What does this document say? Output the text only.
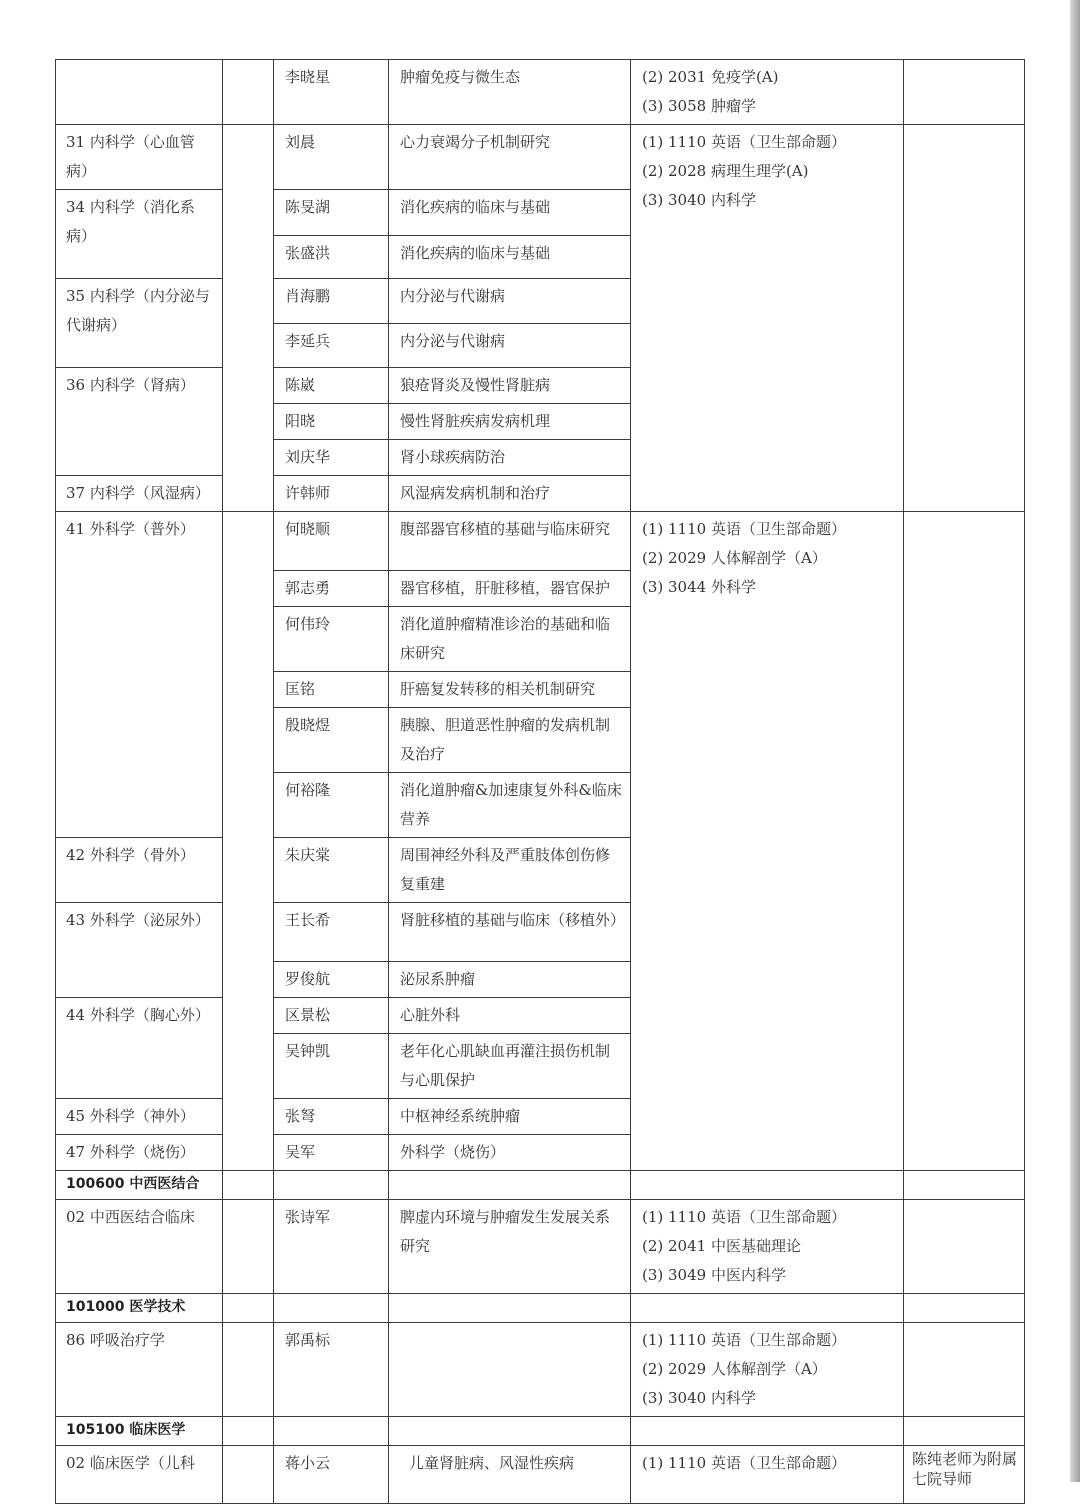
		李晓星	肿瘤免疫与微生态	(2) 2031 免疫学(A)
(3) 3058 肿瘤学	

31 内科学（心血管病）		刘晨	心力衰竭分子机制研究	(1) 1110 英语（卫生部命题）
(2) 2028 病理生理学(A)
(3) 3040 内科学	

34 内科学（消化系病）		陈旻湖	消化疾病的临床与基础		

		张盛洪	消化疾病的临床与基础		

35 内科学（内分泌与代谢病）		肖海鹏	内分泌与代谢病		

		李延兵	内分泌与代谢病		

36 内科学（肾病）		陈崴	狼疮肾炎及慢性肾脏病		

		阳晓	慢性肾脏疾病发病机理		

		刘庆华	肾小球疾病防治		

37 内科学（风湿病）		许韩师	风湿病发病机制和治疗		

41 外科学（普外）		何晓顺	腹部器官移植的基础与临床研究	(1) 1110 英语（卫生部命题）
(2) 2029 人体解剖学（A）
(3) 3044 外科学	

		郭志勇	器官移植，肝脏移植，器官保护		

		何伟玲	消化道肿瘤精准诊治的基础和临床研究		

		匡铭	肝癌复发转移的相关机制研究		

		殷晓煜	胰腺、胆道恶性肿瘤的发病机制及治疗		

		何裕隆	消化道肿瘤&加速康复外科&临床营养		

42 外科学（骨外）		朱庆棠	周围神经外科及严重肢体创伤修复重建		

43 外科学（泌尿外）		王长希	肾脏移植的基础与临床（移植外）		

		罗俊航	泌尿系肿瘤		

44 外科学（胸心外）		区景松	心脏外科		

		吴钟凯	老年化心肌缺血再灌注损伤机制与心肌保护		

45 外科学（神外）		张弩	中枢神经系统肿瘤		

47 外科学（烧伤）		吴军	外科学（烧伤）		

100600 中西医结合					

02 中西医结合临床		张诗军	脾虚内环境与肿瘤发生发展关系研究	(1) 1110 英语（卫生部命题）
(2) 2041 中医基础理论
(3) 3049 中医内科学	

101000 医学技术					

86 呼吸治疗学		郭禹标		(1) 1110 英语（卫生部命题）
(2) 2029 人体解剖学（A）
(3) 3040 内科学	

105100 临床医学					

02 临床医学（儿科		蒋小云	儿童肾脏病、风湿性疾病	(1) 1110 英语（卫生部命题）	陈纯老师为附属七院导师
